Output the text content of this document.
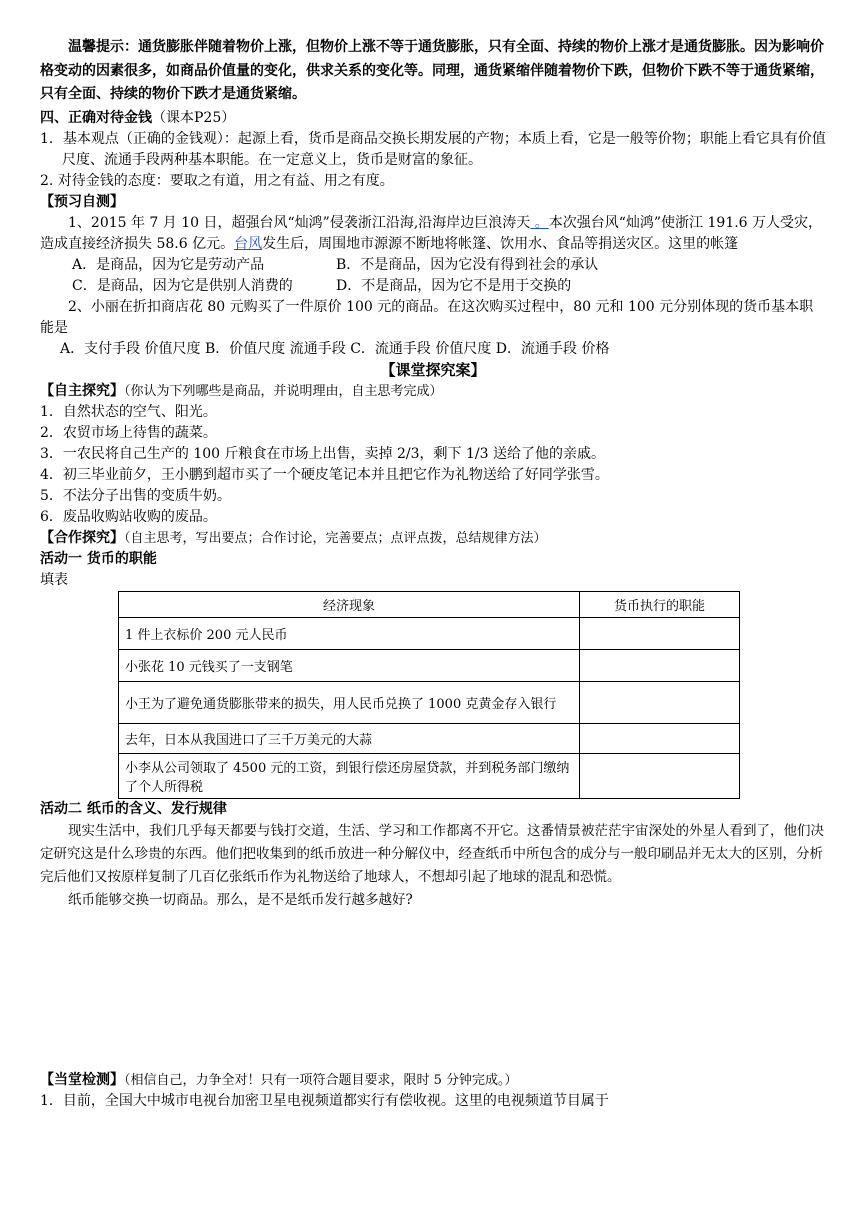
温馨提示：通货膨胀伴随着物价上涨，但物价上涨不等于通货膨胀，只有全面、持续的物价上涨才是通货膨胀。因为影响价格变动的因素很多，如商品价值量的变化，供求关系的变化等。同理，通货紧缩伴随着物价下跌，但物价下跌不等于通货紧缩，只有全面、持续的物价下跌才是通货紧缩。

四、正确对待金钱（课本P25）

1．基本观点（正确的金钱观）：起源上看，货币是商品交换长期发展的产物；本质上看，它是一般等价物；职能上看它具有价值尺度、流通手段两种基本职能。在一定意义上，货币是财富的象征。

2. 对待金钱的态度：要取之有道，用之有益、用之有度。

【预习自测】

1、2015 年 7 月 10 日，超强台风“灿鸿”侵袭浙江沿海,沿海岸边巨浪涛天 。本次强台风“灿鸿”使浙江 191.6 万人受灾，造成直接经济损失 58.6 亿元。台风发生后，周围地市源源不断地将帐篷、饮用水、食品等捐送灾区。这里的帐篷

A．是商品，因为它是劳动产品	B．不是商品，因为它没有得到社会的承认
C．是商品，因为它是供别人消费的	D．不是商品，因为它不是用于交换的

2、小丽在折扣商店花 80 元购买了一件原价 100 元的商品。在这次购买过程中，80 元和 100 元分别体现的货币基本职能是

A．支付手段 价值尺度 B．价值尺度 流通手段 C．流通手段 价值尺度 D．流通手段 价格

【课堂探究案】

【自主探究】（你认为下列哪些是商品，并说明理由，自主思考完成）

1．自然状态的空气、阳光。

2．农贸市场上待售的蔬菜。

3．一农民将自己生产的 100 斤粮食在市场上出售，卖掉 2/3，剩下 1/3 送给了他的亲戚。

4．初三毕业前夕，王小鹏到超市买了一个硬皮笔记本并且把它作为礼物送给了好同学张雪。

5．不法分子出售的变质牛奶。

6．废品收购站收购的废品。

【合作探究】（自主思考，写出要点；合作讨论，完善要点；点评点拨，总结规律方法）

活动一 货币的职能

填表

经济现象	货币执行的职能
1 件上衣标价 200 元人民币	
小张花 10 元钱买了一支钢笔	
小王为了避免通货膨胀带来的损失，用人民币兑换了 1000 克黄金存入银行	
去年，日本从我国进口了三千万美元的大蒜	
小李从公司领取了 4500 元的工资，到银行偿还房屋贷款，并到税务部门缴纳了个人所得税	

活动二 纸币的含义、发行规律

现实生活中，我们几乎每天都要与钱打交道，生活、学习和工作都离不开它。这番情景被茫茫宇宙深处的外星人看到了，他们决定研究这是什么珍贵的东西。他们把收集到的纸币放进一种分解仪中，经查纸币中所包含的成分与一般印刷品并无太大的区别，分析完后他们又按原样复制了几百亿张纸币作为礼物送给了地球人，不想却引起了地球的混乱和恐慌。

纸币能够交换一切商品。那么，是不是纸币发行越多越好?

【当堂检测】（相信自己，力争全对！只有一项符合题目要求，限时 5 分钟完成。）

1．目前，全国大中城市电视台加密卫星电视频道都实行有偿收视。这里的电视频道节目属于
